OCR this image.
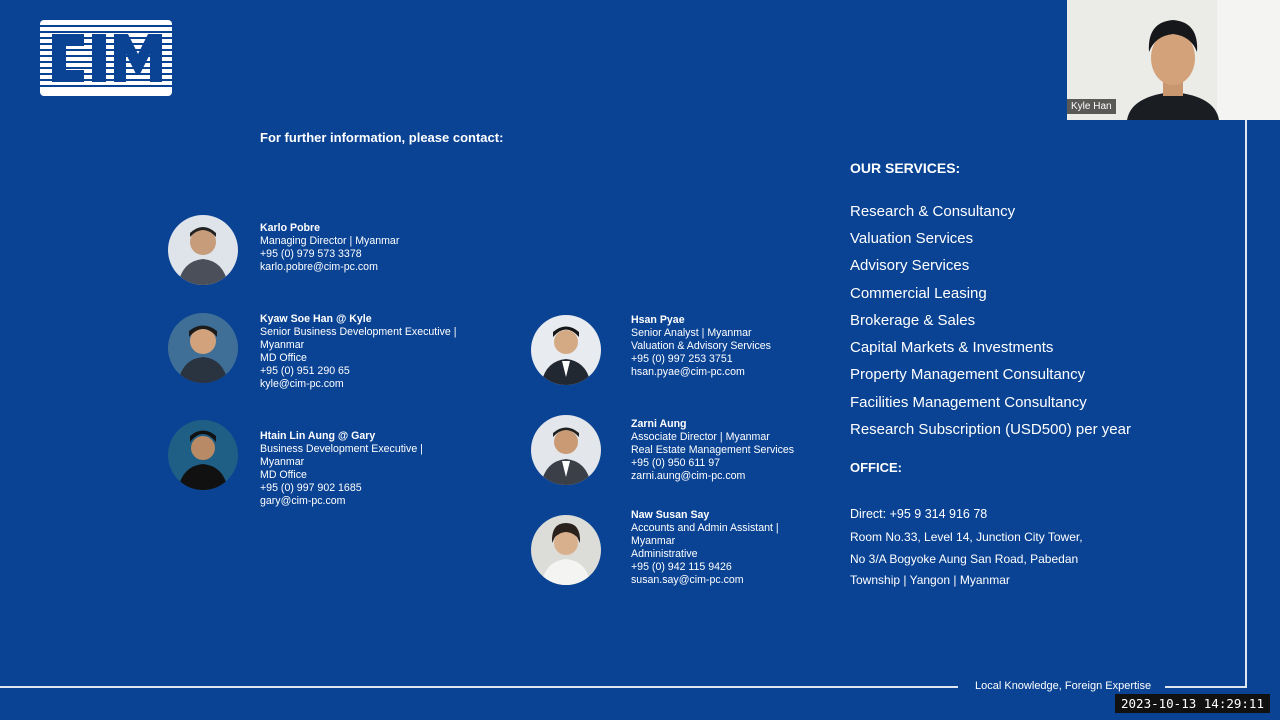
For further information, please contact:
Karlo Pobre
Managing Director | Myanmar
+95 (0) 979 573 3378
karlo.pobre@cim-pc.com
Kyaw Soe Han @ Kyle
Senior Business Development Executive |
Myanmar
MD Office
+95 (0) 951 290 65
kyle@cim-pc.com
Htain Lin Aung @ Gary
Business Development Executive |
Myanmar
MD Office
+95 (0) 997 902 1685
gary@cim-pc.com
Hsan Pyae
Senior Analyst | Myanmar
Valuation & Advisory Services
+95 (0) 997 253 3751
hsan.pyae@cim-pc.com
Zarni Aung
Associate Director | Myanmar
Real Estate Management Services
+95 (0) 950 611 97
zarni.aung@cim-pc.com
Naw Susan Say
Accounts and Admin Assistant |
Myanmar
Administrative
+95 (0) 942 115 9426
susan.say@cim-pc.com
OUR SERVICES:
Research & Consultancy
Valuation Services
Advisory Services
Commercial Leasing
Brokerage & Sales
Capital Markets & Investments
Property Management Consultancy
Facilities Management Consultancy
Research Subscription (USD500) per year
OFFICE:
Direct: +95 9 314 916 78
Room No.33, Level 14, Junction City Tower,
No 3/A Bogyoke Aung San Road, Pabedan
Township | Yangon | Myanmar
Local Knowledge, Foreign Expertise
Kyle Han
2023-10-13 14:29:11
